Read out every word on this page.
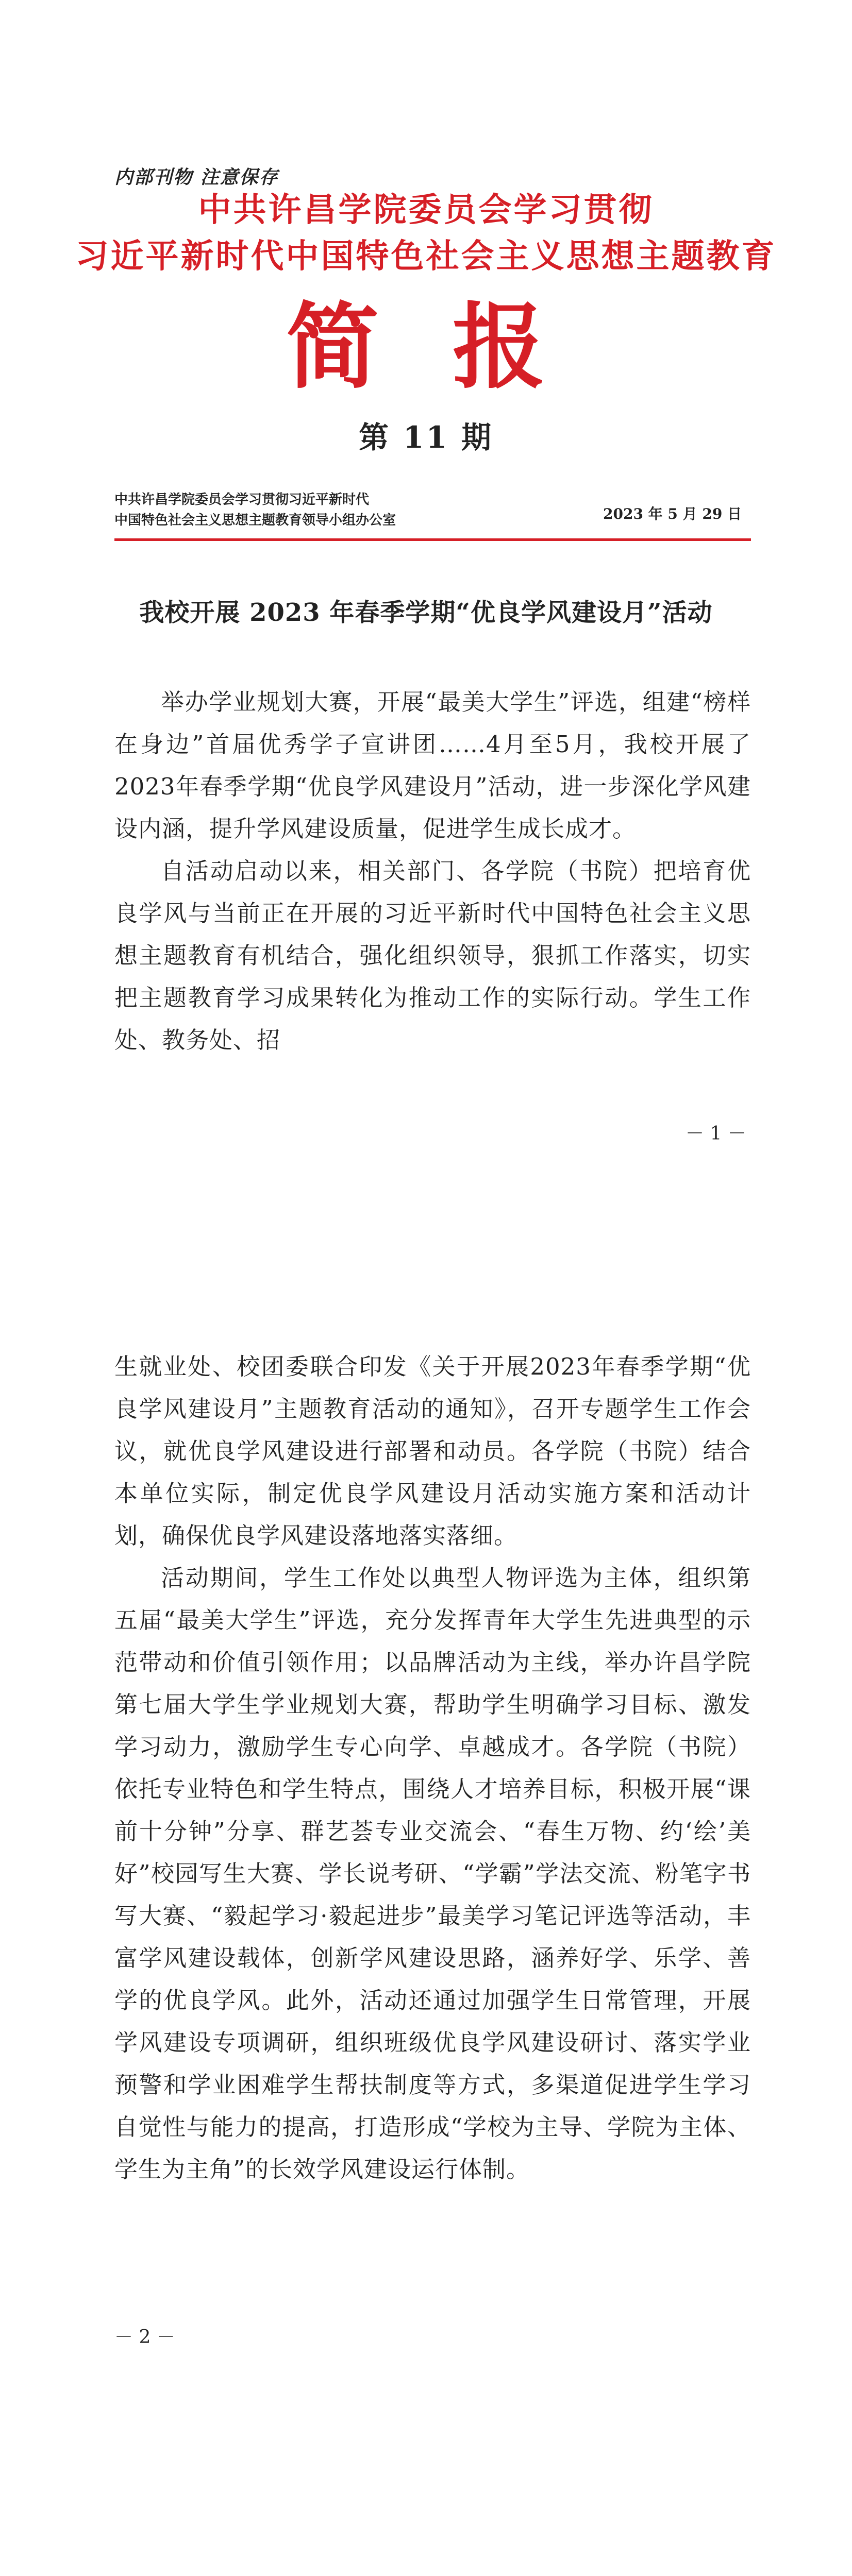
内部刊物 注意保存
中共许昌学院委员会学习贯彻
习近平新时代中国特色社会主义思想主题教育
简 报
第 11 期
中共许昌学院委员会学习贯彻习近平新时代
中国特色社会主义思想主题教育领导小组办公室	2023 年 5 月 29 日
我校开展 2023 年春季学期“优良学风建设月”活动

举办学业规划大赛，开展“最美大学生”评选，组建“榜样在身边”首届优秀学子宣讲团……4月至5月，我校开展了2023年春季学期“优良学风建设月”活动，进一步深化学风建设内涵，提升学风建设质量，促进学生成长成才。

自活动启动以来，相关部门、各学院（书院）把培育优良学风与当前正在开展的习近平新时代中国特色社会主义思想主题教育有机结合，强化组织领导，狠抓工作落实，切实把主题教育学习成果转化为推动工作的实际行动。学生工作处、教务处、招

－ 1 －

生就业处、校团委联合印发《关于开展2023年春季学期“优良学风建设月”主题教育活动的通知》，召开专题学生工作会议，就优良学风建设进行部署和动员。各学院（书院）结合本单位实际，制定优良学风建设月活动实施方案和活动计划，确保优良学风建设落地落实落细。

活动期间，学生工作处以典型人物评选为主体，组织第五届“最美大学生”评选，充分发挥青年大学生先进典型的示范带动和价值引领作用；以品牌活动为主线，举办许昌学院第七届大学生学业规划大赛，帮助学生明确学习目标、激发学习动力，激励学生专心向学、卓越成才。各学院（书院）依托专业特色和学生特点，围绕人才培养目标，积极开展“课前十分钟”分享、群艺荟专业交流会、“春生万物、约‘绘’美好”校园写生大赛、学长说考研、“学霸”学法交流、粉笔字书写大赛、“毅起学习·毅起进步”最美学习笔记评选等活动，丰富学风建设载体，创新学风建设思路，涵养好学、乐学、善学的优良学风。此外，活动还通过加强学生日常管理，开展学风建设专项调研，组织班级优良学风建设研讨、落实学业预警和学业困难学生帮扶制度等方式，多渠道促进学生学习自觉性与能力的提高，打造形成“学校为主导、学院为主体、学生为主角”的长效学风建设运行体制。

－ 2 －
